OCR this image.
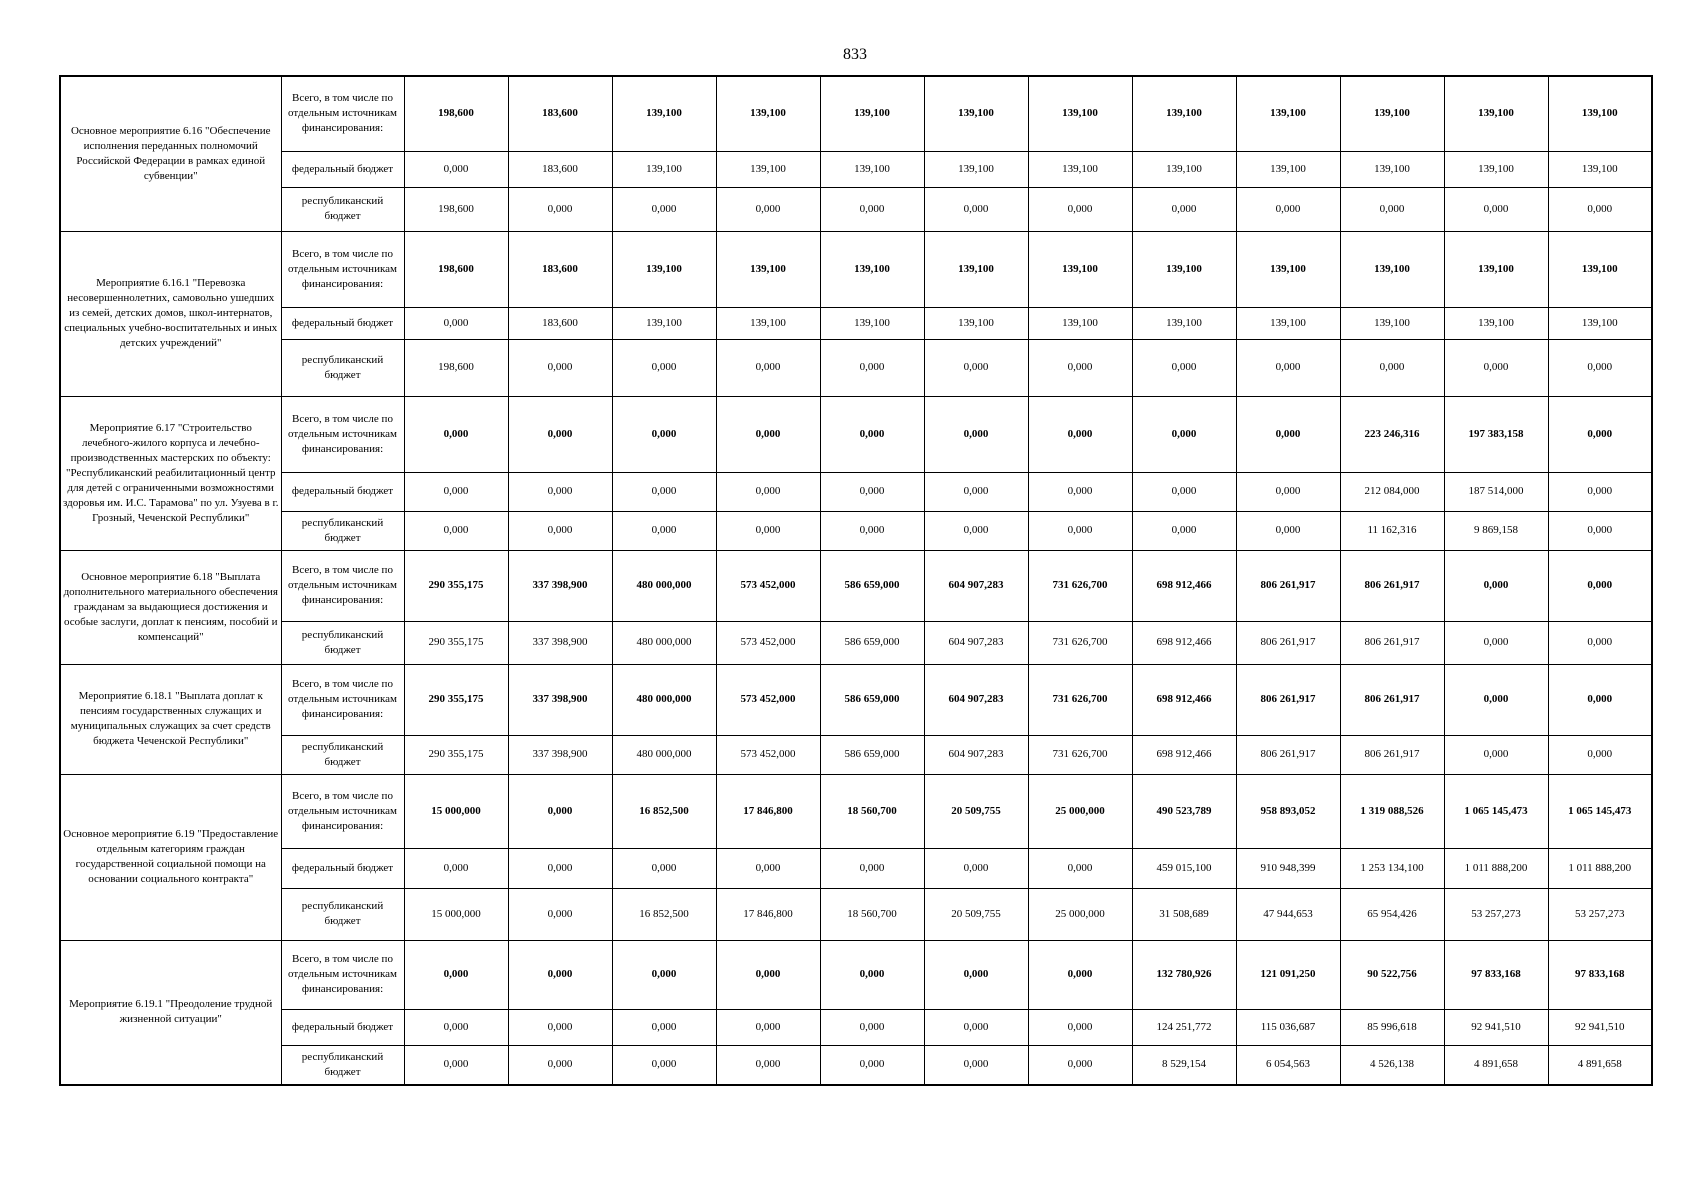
833
Основное мероприятие 6.16 "Обеспечение исполнения переданных полномочий Российской Федерации в рамках единой субвенции"	Всего, в том числе по отдельным источникам финансирования:	198,600	183,600	139,100	139,100	139,100	139,100	139,100	139,100	139,100	139,100	139,100	139,100
	федеральный бюджет	0,000	183,600	139,100	139,100	139,100	139,100	139,100	139,100	139,100	139,100	139,100	139,100
	республиканский бюджет	198,600	0,000	0,000	0,000	0,000	0,000	0,000	0,000	0,000	0,000	0,000	0,000
Мероприятие 6.16.1 "Перевозка несовершеннолетних, самовольно ушедших из семей, детских домов, школ-интернатов, специальных учебно-воспитательных и иных детских учреждений"	Всего, в том числе по отдельным источникам финансирования:	198,600	183,600	139,100	139,100	139,100	139,100	139,100	139,100	139,100	139,100	139,100	139,100
	федеральный бюджет	0,000	183,600	139,100	139,100	139,100	139,100	139,100	139,100	139,100	139,100	139,100	139,100
	республиканский бюджет	198,600	0,000	0,000	0,000	0,000	0,000	0,000	0,000	0,000	0,000	0,000	0,000
Мероприятие 6.17 "Строительство лечебного-жилого корпуса и лечебно-производственных мастерских по объекту: "Республиканский реабилитационный центр для детей с ограниченными возможностями здоровья им. И.С. Тарамова" по ул. Узуева в г. Грозный, Чеченской Республики"	Всего, в том числе по отдельным источникам финансирования:	0,000	0,000	0,000	0,000	0,000	0,000	0,000	0,000	0,000	223 246,316	197 383,158	0,000
	федеральный бюджет	0,000	0,000	0,000	0,000	0,000	0,000	0,000	0,000	0,000	212 084,000	187 514,000	0,000
	республиканский бюджет	0,000	0,000	0,000	0,000	0,000	0,000	0,000	0,000	0,000	11 162,316	9 869,158	0,000
Основное мероприятие 6.18 "Выплата дополнительного материального обеспечения гражданам за выдающиеся достижения и особые заслуги, доплат к пенсиям, пособий и компенсаций"	Всего, в том числе по отдельным источникам финансирования:	290 355,175	337 398,900	480 000,000	573 452,000	586 659,000	604 907,283	731 626,700	698 912,466	806 261,917	806 261,917	0,000	0,000
	республиканский бюджет	290 355,175	337 398,900	480 000,000	573 452,000	586 659,000	604 907,283	731 626,700	698 912,466	806 261,917	806 261,917	0,000	0,000
Мероприятие 6.18.1 "Выплата доплат к пенсиям государственных служащих и муниципальных служащих за счет средств бюджета Чеченской Республики"	Всего, в том числе по отдельным источникам финансирования:	290 355,175	337 398,900	480 000,000	573 452,000	586 659,000	604 907,283	731 626,700	698 912,466	806 261,917	806 261,917	0,000	0,000
	республиканский бюджет	290 355,175	337 398,900	480 000,000	573 452,000	586 659,000	604 907,283	731 626,700	698 912,466	806 261,917	806 261,917	0,000	0,000
Основное мероприятие 6.19 "Предоставление отдельным категориям граждан государственной социальной помощи на основании социального контракта"	Всего, в том числе по отдельным источникам финансирования:	15 000,000	0,000	16 852,500	17 846,800	18 560,700	20 509,755	25 000,000	490 523,789	958 893,052	1 319 088,526	1 065 145,473	1 065 145,473
	федеральный бюджет	0,000	0,000	0,000	0,000	0,000	0,000	0,000	459 015,100	910 948,399	1 253 134,100	1 011 888,200	1 011 888,200
	республиканский бюджет	15 000,000	0,000	16 852,500	17 846,800	18 560,700	20 509,755	25 000,000	31 508,689	47 944,653	65 954,426	53 257,273	53 257,273
Мероприятие 6.19.1 "Преодоление трудной жизненной ситуации"	Всего, в том числе по отдельным источникам финансирования:	0,000	0,000	0,000	0,000	0,000	0,000	0,000	132 780,926	121 091,250	90 522,756	97 833,168	97 833,168
	федеральный бюджет	0,000	0,000	0,000	0,000	0,000	0,000	0,000	124 251,772	115 036,687	85 996,618	92 941,510	92 941,510
	республиканский бюджет	0,000	0,000	0,000	0,000	0,000	0,000	0,000	8 529,154	6 054,563	4 526,138	4 891,658	4 891,658
